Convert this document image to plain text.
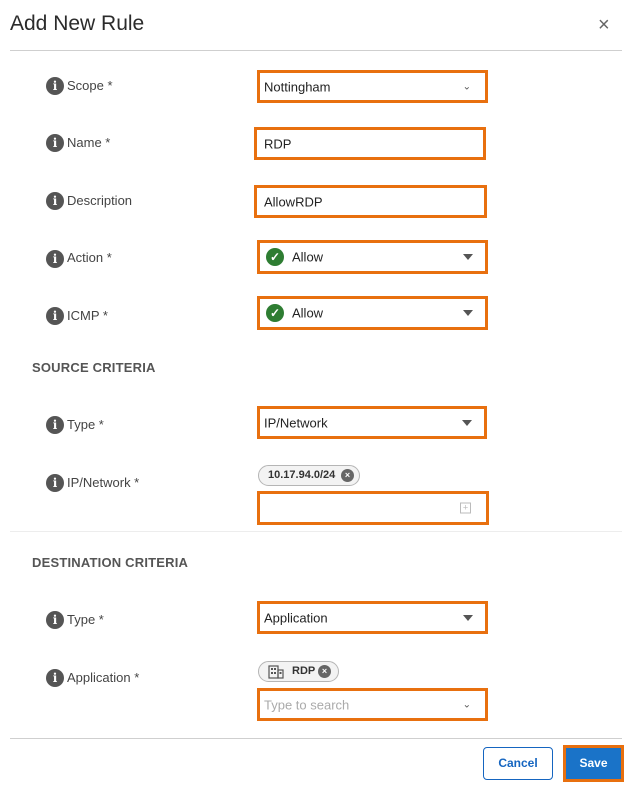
Add New Rule	×
i Scope *	Nottingham	⌄
i Name *	RDP
i Description	AllowRDP
i Action *	✓ Allow
i ICMP *	✓ Allow
SOURCE CRITERIA
i Type *	IP/Network
i IP/Network *	10.17.94.0/24	×
+
DESTINATION CRITERIA
i Type *	Application
i Application *	RDP ×
Type to search	⌄
Cancel	Save
